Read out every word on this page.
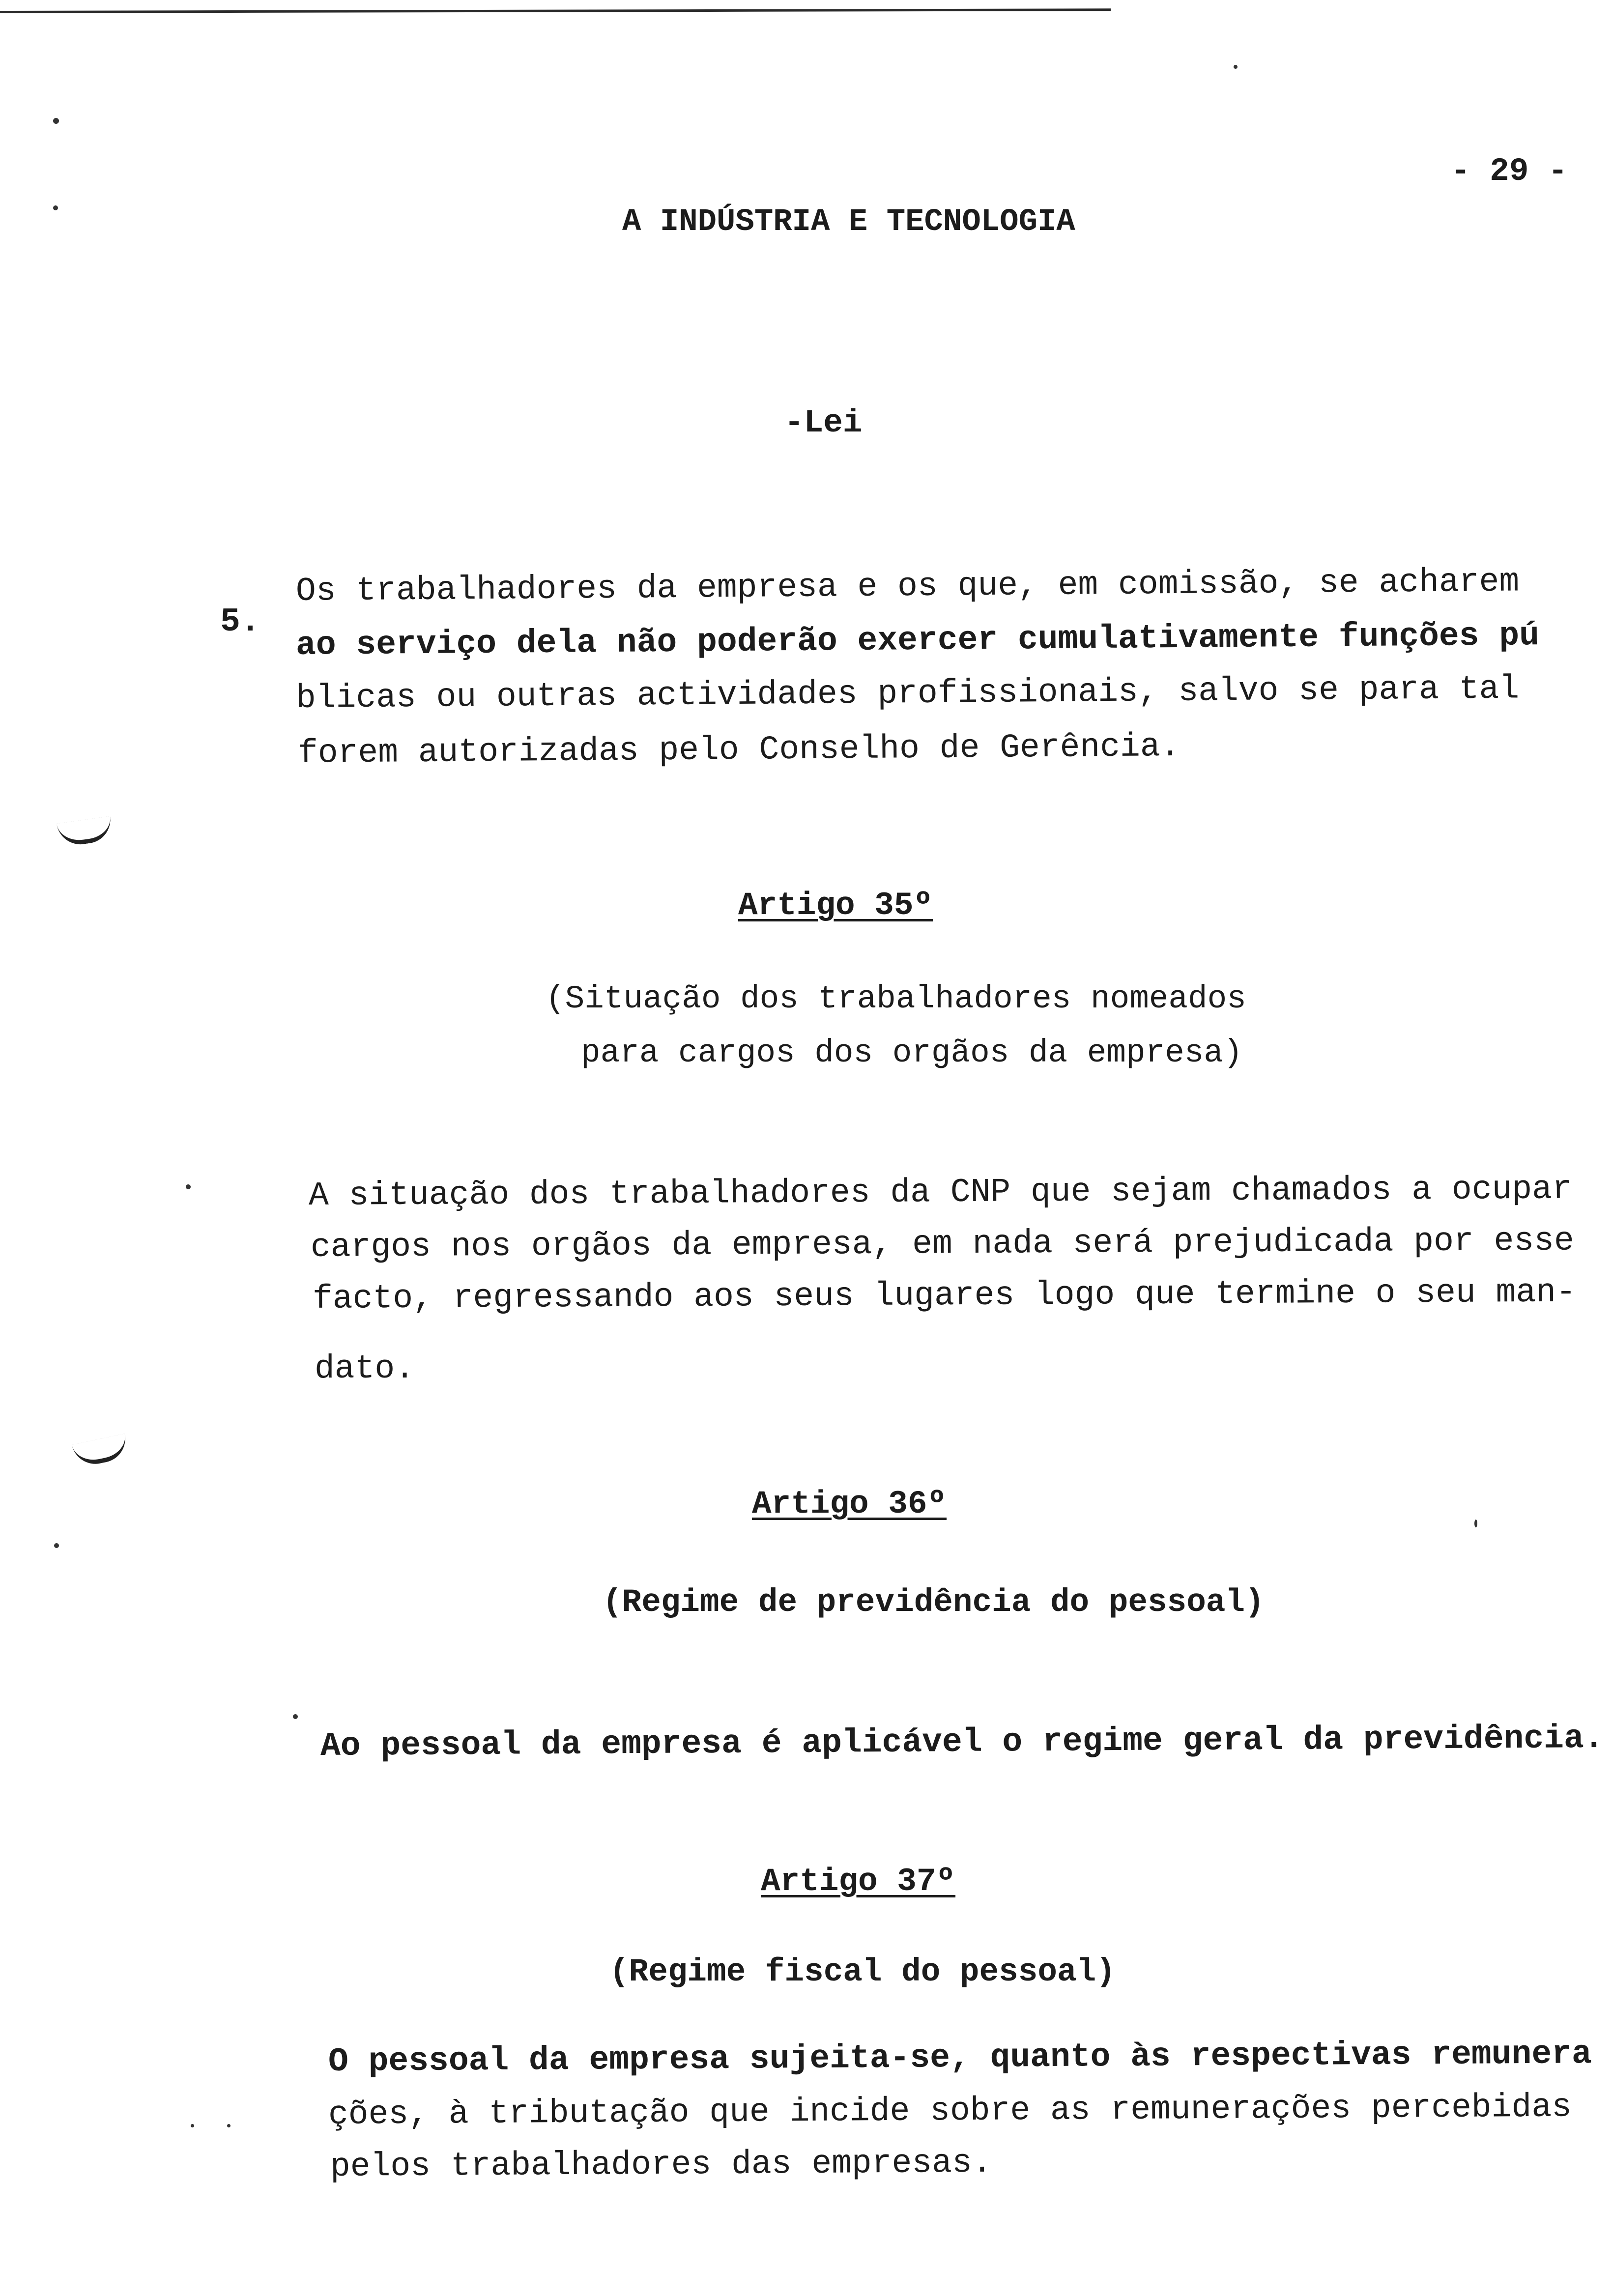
- 29 -
A INDÚSTRIA E TECNOLOGIA
-Lei
5.
Os trabalhadores da empresa e os que, em comissão, se acharem
ao serviço dela não poderão exercer cumulativamente funções pú
blicas ou outras actividades profissionais, salvo se para tal
forem autorizadas pelo Conselho de Gerência.
Artigo 35º
(Situação dos trabalhadores nomeados
para cargos dos orgãos da empresa)
A situação dos trabalhadores da CNP que sejam chamados a ocupar
cargos nos orgãos da empresa, em nada será prejudicada por esse
facto, regressando aos seus lugares logo que termine o seu man-
dato.
Artigo 36º
(Regime de previdência do pessoal)
Ao pessoal da empresa é aplicável o regime geral da previdência.
Artigo 37º
(Regime fiscal do pessoal)
O pessoal da empresa sujeita-se, quanto às respectivas remunera
ções, à tributação que incide sobre as remunerações percebidas
pelos trabalhadores das empresas.
